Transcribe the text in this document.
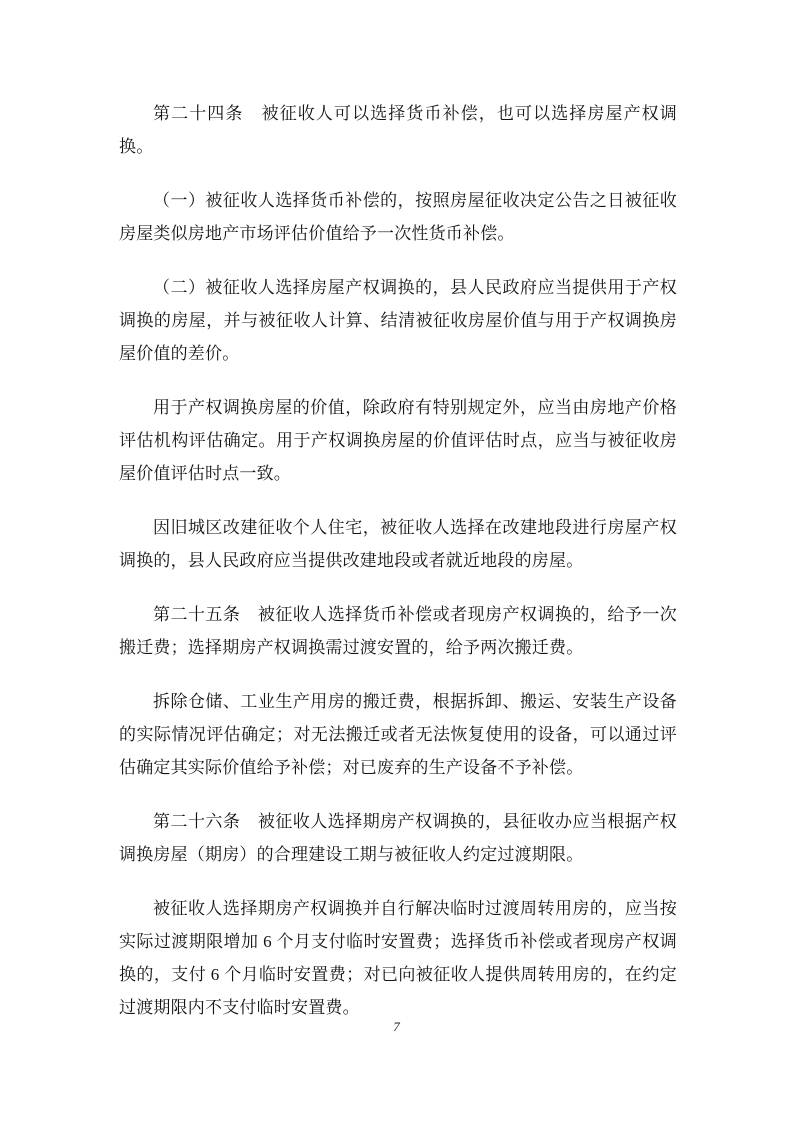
第二十四条　被征收人可以选择货币补偿，也可以选择房屋产权调换。

（一）被征收人选择货币补偿的，按照房屋征收决定公告之日被征收房屋类似房地产市场评估价值给予一次性货币补偿。

（二）被征收人选择房屋产权调换的，县人民政府应当提供用于产权调换的房屋，并与被征收人计算、结清被征收房屋价值与用于产权调换房屋价值的差价。

用于产权调换房屋的价值，除政府有特别规定外，应当由房地产价格评估机构评估确定。用于产权调换房屋的价值评估时点，应当与被征收房屋价值评估时点一致。

因旧城区改建征收个人住宅，被征收人选择在改建地段进行房屋产权调换的，县人民政府应当提供改建地段或者就近地段的房屋。

第二十五条　被征收人选择货币补偿或者现房产权调换的，给予一次搬迁费；选择期房产权调换需过渡安置的，给予两次搬迁费。

拆除仓储、工业生产用房的搬迁费，根据拆卸、搬运、安装生产设备的实际情况评估确定；对无法搬迁或者无法恢复使用的设备，可以通过评估确定其实际价值给予补偿；对已废弃的生产设备不予补偿。

第二十六条　被征收人选择期房产权调换的，县征收办应当根据产权调换房屋（期房）的合理建设工期与被征收人约定过渡期限。

被征收人选择期房产权调换并自行解决临时过渡周转用房的，应当按实际过渡期限增加 6 个月支付临时安置费；选择货币补偿或者现房产权调换的，支付 6 个月临时安置费；对已向被征收人提供周转用房的，在约定过渡期限内不支付临时安置费。

7
